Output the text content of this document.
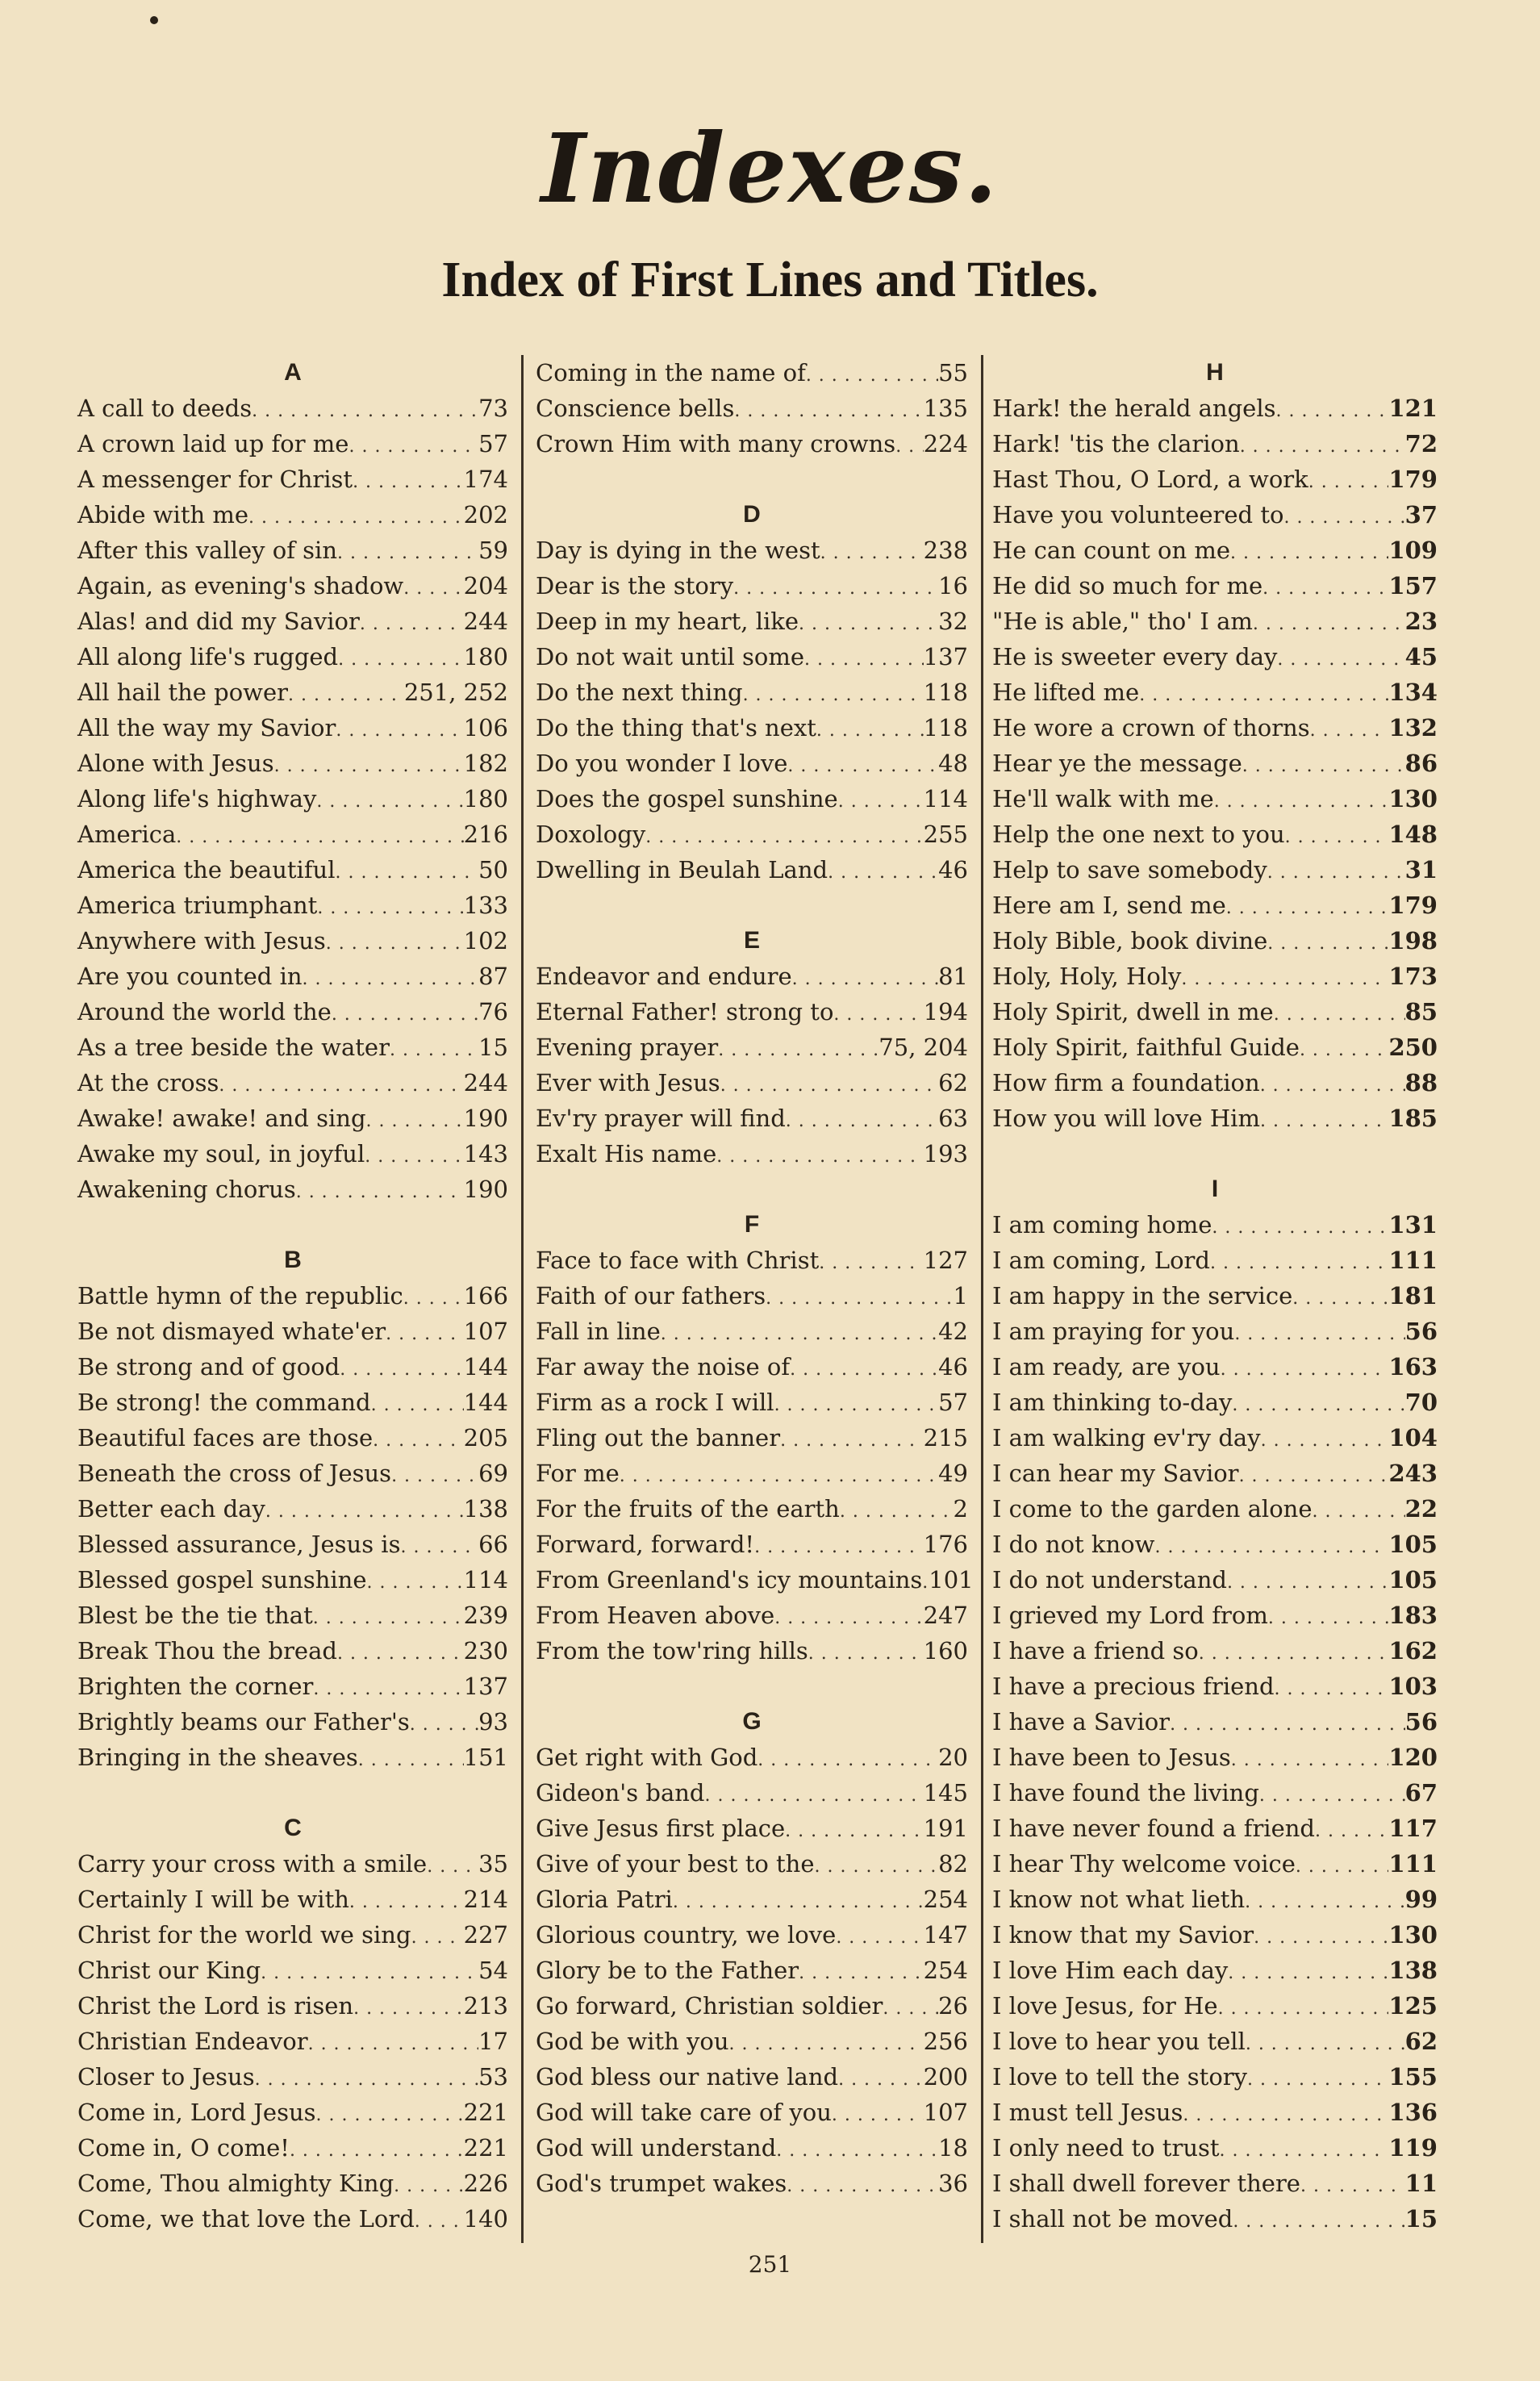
Indexes.
Index of First Lines and Titles.
A
A call to deeds . . .	73
A crown laid up for me . . .	57
A messenger for Christ . . .	174
Abide with me . . .	202
After this valley of sin . . .	59
Again, as evening's shadow . . .	204
Alas! and did my Savior . . .	244
All along life's rugged . . .	180
All hail the power . . .	251, 252
All the way my Savior . . .	106
Alone with Jesus . . .	182
Along life's highway . . .	180
America . . .	216
America the beautiful . . .	50
America triumphant . . .	133
Anywhere with Jesus . . .	102
Are you counted in . . .	87
Around the world the . . .	76
As a tree beside the water . . .	15
At the cross . . .	244
Awake! awake! and sing . . .	190
Awake my soul, in joyful . . .	143
Awakening chorus . . .	190
B
Battle hymn of the republic . . .	166
Be not dismayed whate'er . . .	107
Be strong and of good . . .	144
Be strong! the command . . .	144
Beautiful faces are those . . .	205
Beneath the cross of Jesus . . .	69
Better each day . . .	138
Blessed assurance, Jesus is . . .	66
Blessed gospel sunshine . . .	114
Blest be the tie that . . .	239
Break Thou the bread . . .	230
Brighten the corner . . .	137
Brightly beams our Father's . . .	93
Bringing in the sheaves . . .	151
C
Carry your cross with a smile . . . 35
Certainly I will be with . . .	214
Christ for the world we sing . . . 227
Christ our King . . .	54
Christ the Lord is risen . . .	213
Christian Endeavor . . .	17
Closer to Jesus . . .	53
Come in, Lord Jesus . . .	221
Come in, O come! . . .	221
Come, Thou almighty King . . .	226
Come, we that love the Lord . . . 140
Coming in the name of . . .	55
Conscience bells . . .	135
Crown Him with many crowns . . . 224
D
Day is dying in the west . . .	238
Dear is the story . . .	16
Deep in my heart, like . . .	32
Do not wait until some . . .	137
Do the next thing . . .	118
Do the thing that's next . . .	118
Do you wonder I love . . .	48
Does the gospel sunshine . . .	114
Doxology . . .	255
Dwelling in Beulah Land . . .	46
E
Endeavor and endure . . .	81
Eternal Father! strong to . . .	194
Evening prayer . . .	75, 204
Ever with Jesus . . .	62
Ev'ry prayer will find . . .	63
Exalt His name . . .	193
F
Face to face with Christ . . .	127
Faith of our fathers . . .	1
Fall in line . . .	42
Far away the noise of . . .	46
Firm as a rock I will . . .	57
Fling out the banner . . .	215
For me . . .	49
For the fruits of the earth . . .	2
Forward, forward! . . .	176
From Greenland's icy mountains . . . 101
From Heaven above . . .	247
From the tow'ring hills . . .	160
G
Get right with God . . .	20
Gideon's band . . .	145
Give Jesus first place . . .	191
Give of your best to the . . .	82
Gloria Patri . . .	254
Glorious country, we love . . .	147
Glory be to the Father . . .	254
Go forward, Christian soldier . . . 26
God be with you . . .	256
God bless our native land . . .	200
God will take care of you . . .	107
God will understand . . .	18
God's trumpet wakes . . .	36
H
Hark! the herald angels . . .	121
Hark! 'tis the clarion . . .	72
Hast Thou, O Lord, a work . . .	179
Have you volunteered to . . .	37
He can count on me . . .	109
He did so much for me . . .	157
"He is able," tho' I am . . .	23
He is sweeter every day . . .	45
He lifted me . . .	134
He wore a crown of thorns . . .	132
Hear ye the message . . .	86
He'll walk with me . . .	130
Help the one next to you . . .	148
Help to save somebody . . .	31
Here am I, send me . . .	179
Holy Bible, book divine . . .	198
Holy, Holy, Holy . . .	173
Holy Spirit, dwell in me . . .	85
Holy Spirit, faithful Guide . . .	250
How firm a foundation . . .	88
How you will love Him . . .	185
I
I am coming home . . .	131
I am coming, Lord . . .	111
I am happy in the service . . .	181
I am praying for you . . .	56
I am ready, are you . . .	163
I am thinking to-day . . .	70
I am walking ev'ry day . . .	104
I can hear my Savior . . .	243
I come to the garden alone . . .	22
I do not know . . .	105
I do not understand . . .	105
I grieved my Lord from . . .	183
I have a friend so . . .	162
I have a precious friend . . .	103
I have a Savior . . .	56
I have been to Jesus . . .	120
I have found the living . . .	67
I have never found a friend . . .	117
I hear Thy welcome voice . . .	111
I know not what lieth . . .	99
I know that my Savior . . .	130
I love Him each day . . .	138
I love Jesus, for He . . .	125
I love to hear you tell . . .	62
I love to tell the story . . .	155
I must tell Jesus . . .	136
I only need to trust . . .	119
I shall dwell forever there . . .	11
I shall not be moved . . .	15
251
